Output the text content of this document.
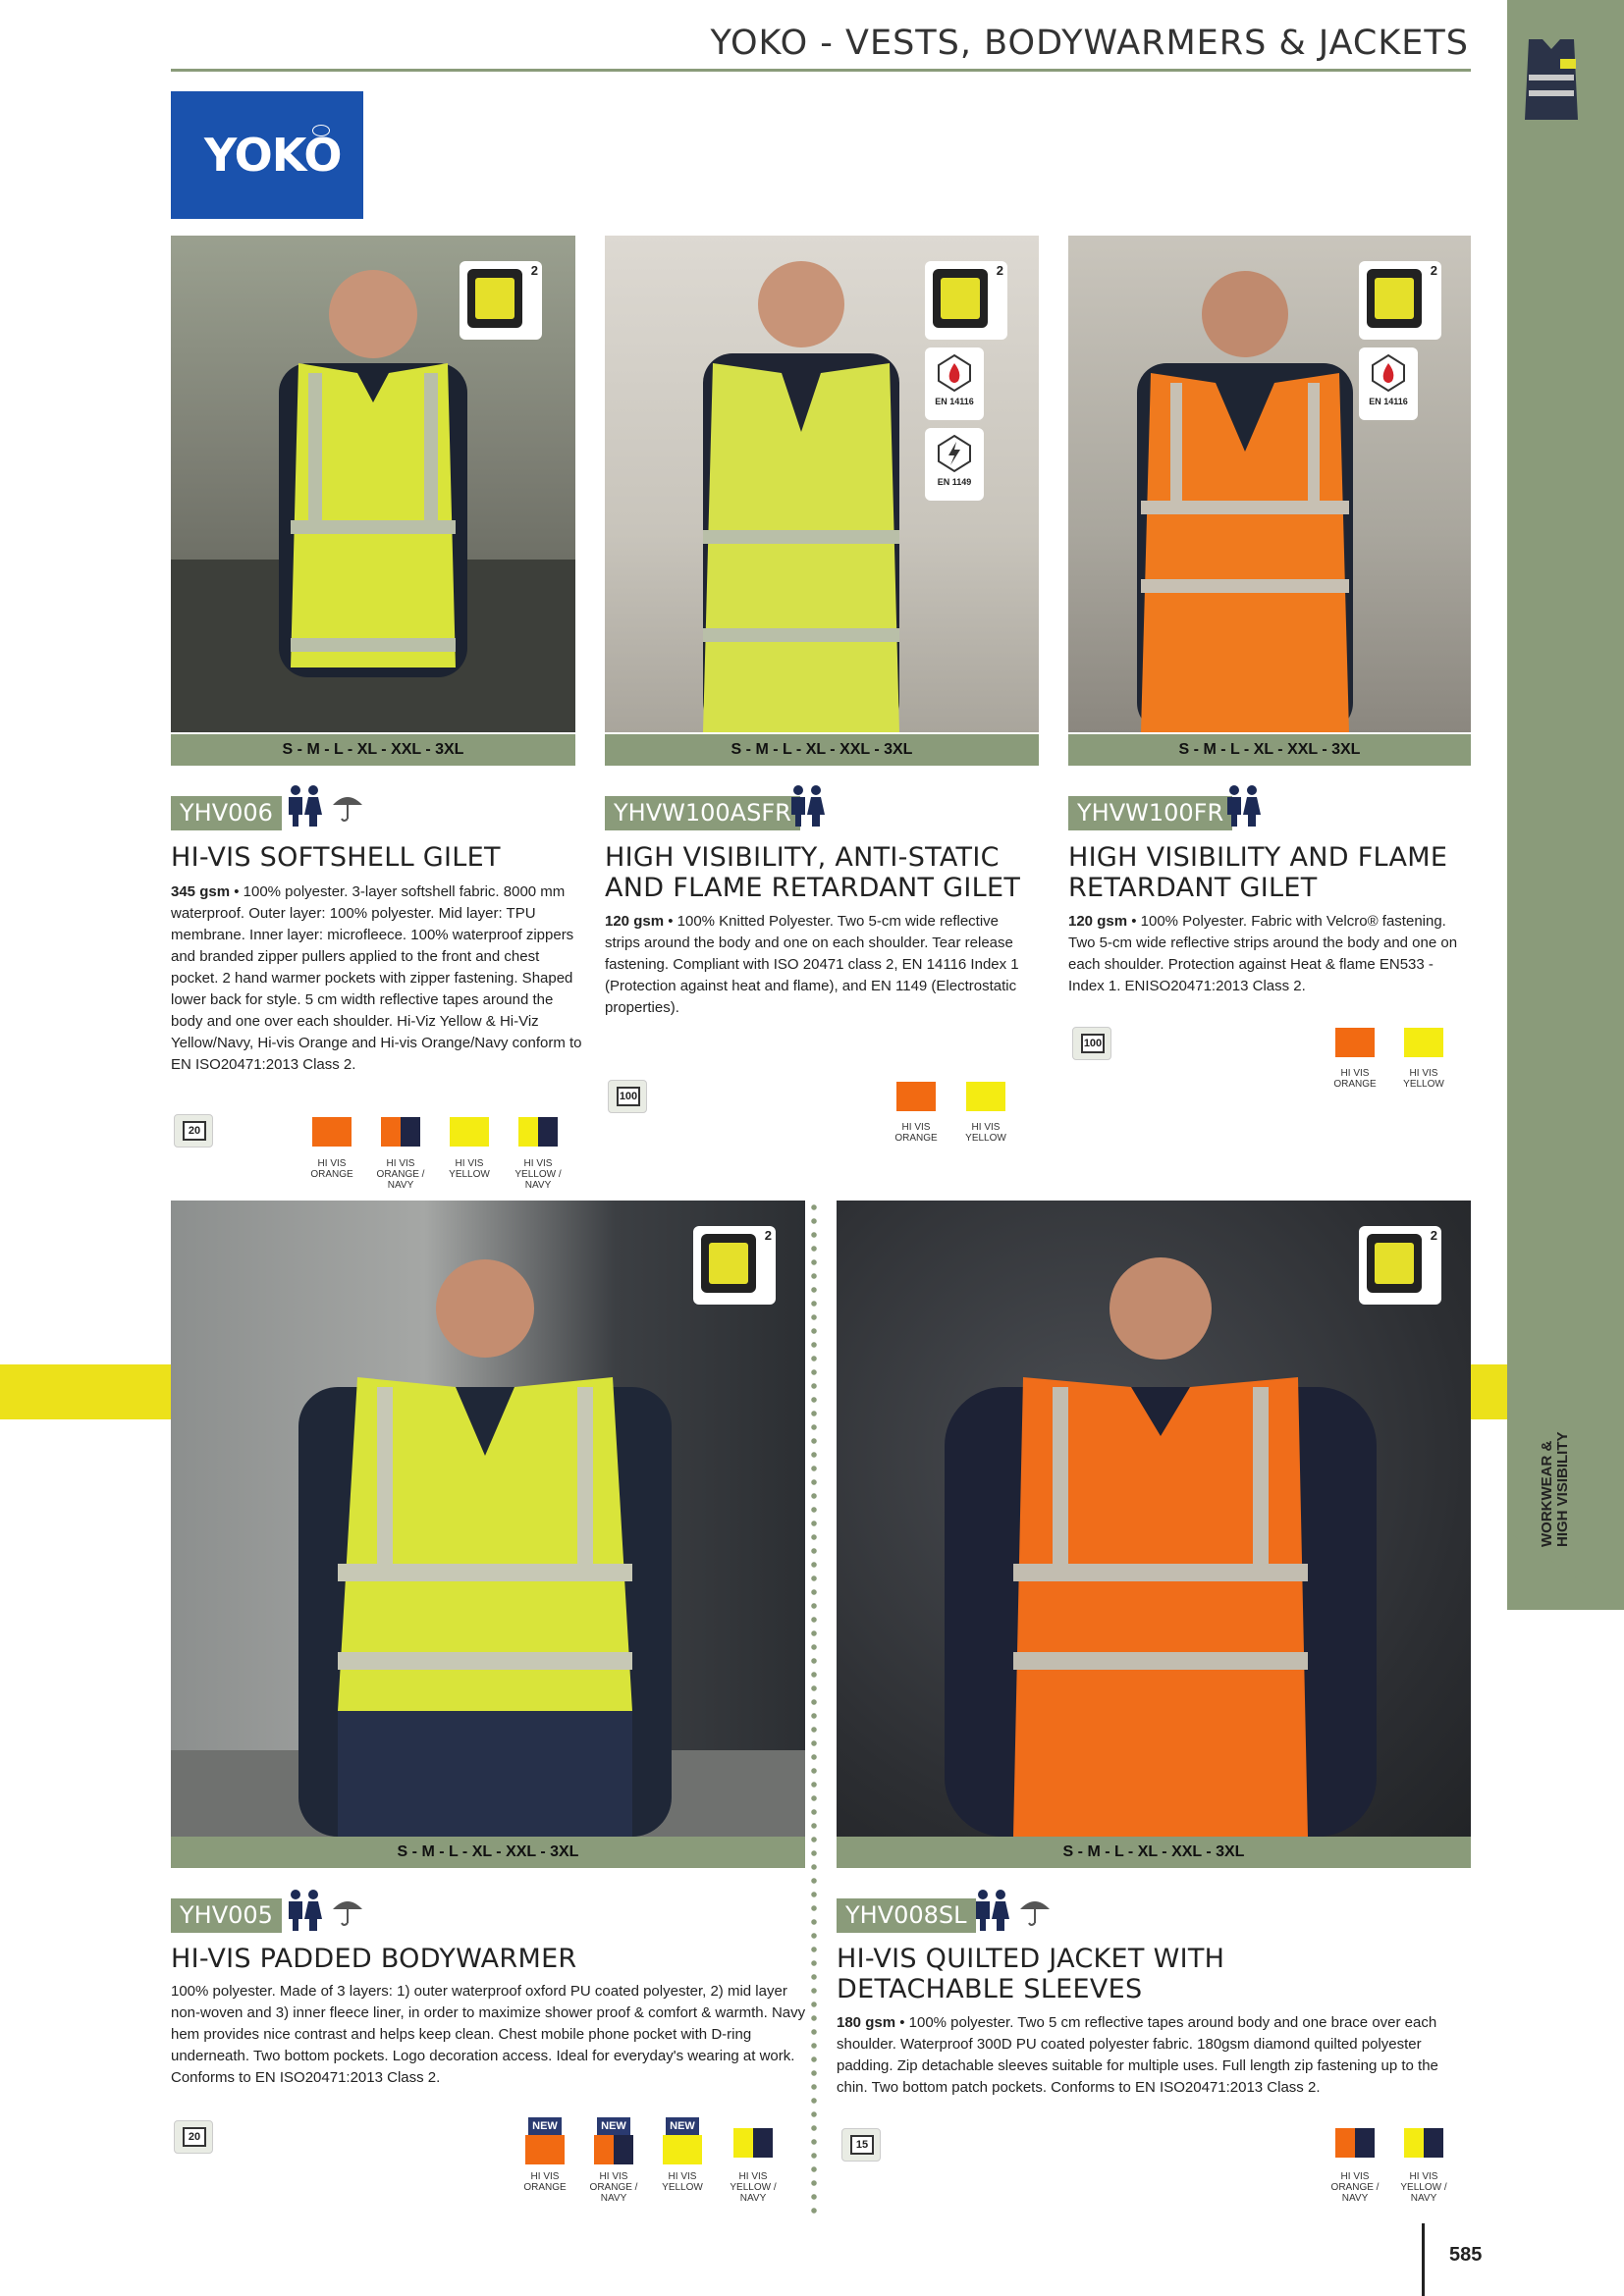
YOKO - VESTS, BODYWARMERS & JACKETS
WORKWEAR & HIGH VISIBILITY
YOKO
2
S - M - L - XL - XXL - 3XL
YHV006
HI-VIS SOFTSHELL GILET
345 gsm • 100% polyester. 3-layer softshell fabric. 8000 mm waterproof. Outer layer: 100% polyester. Mid layer: TPU membrane. Inner layer: microfleece. 100% waterproof zippers and branded zipper pullers applied to the front and chest pocket. 2 hand warmer pockets with zipper fastening. Shaped lower back for style. 5 cm width reflective tapes around the body and one over each shoulder. Hi-Viz Yellow & Hi-Viz Yellow/Navy, Hi-vis Orange and Hi-vis Orange/Navy conform to EN ISO20471:2013 Class 2.
20
HI VIS ORANGE
HI VIS ORANGE / NAVY
HI VIS YELLOW
HI VIS YELLOW / NAVY
2
EN 14116
EN 1149
S - M - L - XL - XXL - 3XL
YHVW100ASFR
HIGH VISIBILITY, ANTI-STATIC AND FLAME RETARDANT GILET
120 gsm • 100% Knitted Polyester. Two 5-cm wide reflective strips around the body and one on each shoulder. Tear release fastening. Compliant with ISO 20471 class 2, EN 14116 Index 1 (Protection against heat and flame), and EN 1149 (Electrostatic properties).
100
HI VIS ORANGE
HI VIS YELLOW
2
EN 14116
S - M - L - XL - XXL - 3XL
YHVW100FR
HIGH VISIBILITY AND FLAME RETARDANT GILET
120 gsm • 100% Polyester. Fabric with Velcro® fastening. Two 5-cm wide reflective strips around the body and one on each shoulder. Protection against Heat & flame EN533 - Index 1. ENISO20471:2013 Class 2.
100
HI VIS ORANGE
HI VIS YELLOW
2
S - M - L - XL - XXL - 3XL
YHV005
HI-VIS PADDED BODYWARMER
100% polyester. Made of 3 layers: 1) outer waterproof oxford PU coated polyester, 2) mid layer non-woven and 3) inner fleece liner, in order to maximize shower proof & comfort & warmth. Navy hem provides nice contrast and helps keep clean. Chest mobile phone pocket with D-ring underneath. Two bottom pockets. Logo decoration access. Ideal for everyday's wearing at work. Conforms to EN ISO20471:2013 Class 2.
20
NEW
HI VIS ORANGE
NEW
HI VIS ORANGE / NAVY
NEW
HI VIS YELLOW
HI VIS YELLOW / NAVY
2
S - M - L - XL - XXL - 3XL
YHV008SL
HI-VIS QUILTED JACKET WITH DETACHABLE SLEEVES
180 gsm • 100% polyester. Two 5 cm reflective tapes around body and one brace over each shoulder. Waterproof 300D PU coated polyester fabric. 180gsm diamond quilted polyester padding. Zip detachable sleeves suitable for multiple uses. Full length zip fastening up to the chin. Two bottom patch pockets. Conforms to EN ISO20471:2013 Class 2.
15
HI VIS ORANGE / NAVY
HI VIS YELLOW / NAVY
585
